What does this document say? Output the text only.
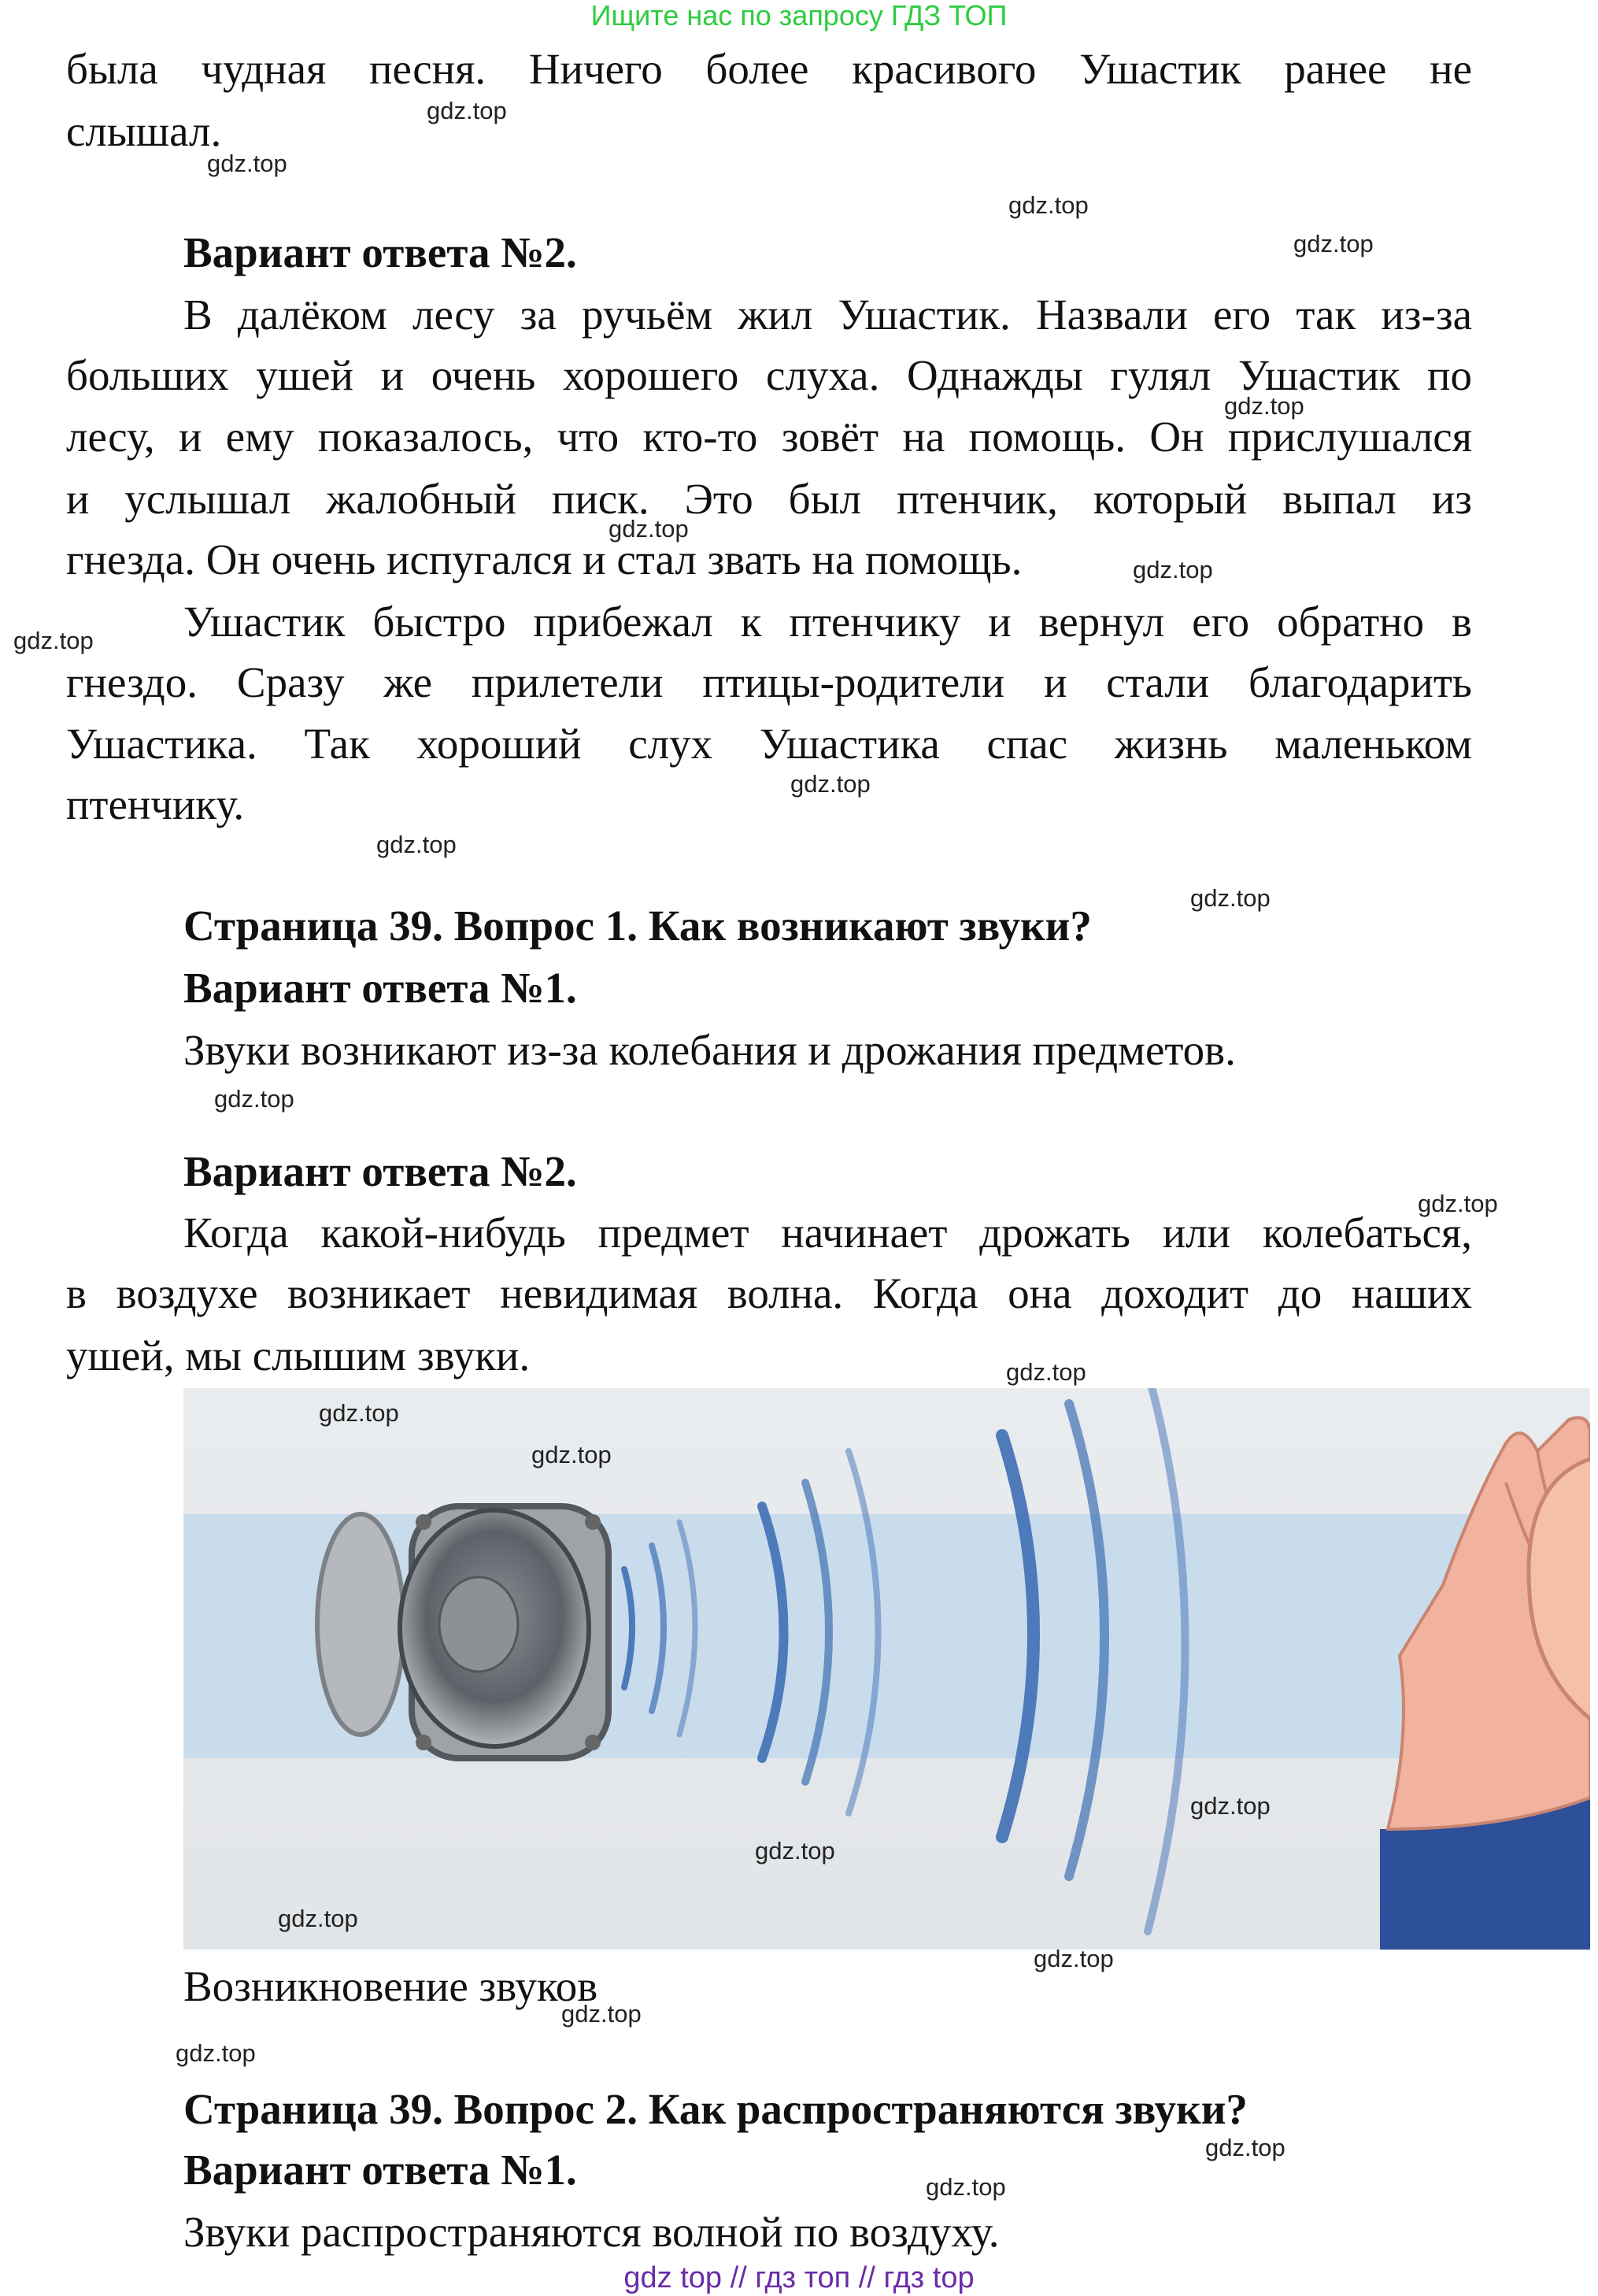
Ищите нас по запросу ГДЗ ТОП
была чудная песня. Ничего более красивого Ушастик ранее не
слышал.
Вариант ответа №2.
В далёком лесу за ручьём жил Ушастик. Назвали его так из-за
больших ушей и очень хорошего слуха. Однажды гулял Ушастик по
лесу, и ему показалось, что кто-то зовёт на помощь. Он прислушался
и услышал жалобный писк. Это был птенчик, который выпал из
гнезда. Он очень испугался и стал звать на помощь.
Ушастик быстро прибежал к птенчику и вернул его обратно в
гнездо. Сразу же прилетели птицы-родители и стали благодарить
Ушастика. Так хороший слух Ушастика спас жизнь маленьком
птенчику.
Страница 39. Вопрос 1. Как возникают звуки?
Вариант ответа №1.
Звуки возникают из-за колебания и дрожания предметов.
Вариант ответа №2.
Когда какой-нибудь предмет начинает дрожать или колебаться,
в воздухе возникает невидимая волна. Когда она доходит до наших
ушей, мы слышим звуки.
Возникновение звуков
Страница 39. Вопрос 2. Как распространяются звуки?
Вариант ответа №1.
Звуки распространяются волной по воздуху.
gdz.top
gdz.top
gdz.top
gdz.top
gdz.top
gdz.top
gdz.top
gdz.top
gdz.top
gdz.top
gdz.top
gdz.top
gdz.top
gdz.top
gdz.top
gdz.top
gdz.top
gdz.top
gdz.top
gdz.top
gdz.top
gdz.top
gdz.top
gdz.top
gdz top // гдз топ // гдз top
